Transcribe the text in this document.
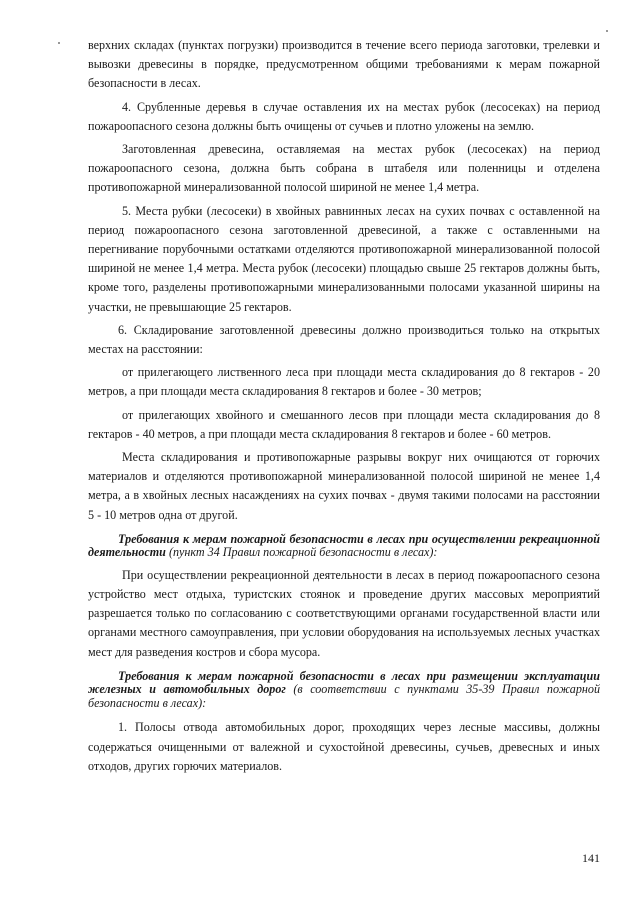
верхних складах (пунктах погрузки) производится в течение всего периода заготовки, трелевки и вывозки древесины в порядке, предусмотренном общими требованиями к мерам пожарной безопасности в лесах.

4. Срубленные деревья в случае оставления их на местах рубок (лесосеках) на период пожароопасного сезона должны быть очищены от сучьев и плотно уложены на землю.

Заготовленная древесина, оставляемая на местах рубок (лесосеках) на период пожароопасного сезона, должна быть собрана в штабеля или поленницы и отделена противопожарной минерализованной полосой шириной не менее 1,4 метра.

5. Места рубки (лесосеки) в хвойных равнинных лесах на сухих почвах с оставленной на период пожароопасного сезона заготовленной древесиной, а также с оставленными на перегнивание порубочными остатками отделяются противопожарной минерализованной полосой шириной не менее 1,4 метра. Места рубок (лесосеки) площадью свыше 25 гектаров должны быть, кроме того, разделены противопожарными минерализованными полосами указанной ширины на участки, не превышающие 25 гектаров.

6. Складирование заготовленной древесины должно производиться только на открытых местах на расстоянии:

от прилегающего лиственного леса при площади места складирования до 8 гектаров - 20 метров, а при площади места складирования 8 гектаров и более - 30 метров;

от прилегающих хвойного и смешанного лесов при площади места складирования до 8 гектаров - 40 метров, а при площади места складирования 8 гектаров и более - 60 метров.

Места складирования и противопожарные разрывы вокруг них очищаются от горючих материалов и отделяются противопожарной минерализованной полосой шириной не менее 1,4 метра, а в хвойных лесных насаждениях на сухих почвах - двумя такими полосами на расстоянии 5 - 10 метров одна от другой.

Требования к мерам пожарной безопасности в лесах при осуществлении рекреационной деятельности (пункт 34 Правил пожарной безопасности в лесах):

При осуществлении рекреационной деятельности в лесах в период пожароопасного сезона устройство мест отдыха, туристских стоянок и проведение других массовых мероприятий разрешается только по согласованию с соответствующими органами государственной власти или органами местного самоуправления, при условии оборудования на используемых лесных участках мест для разведения костров и сбора мусора.

Требования к мерам пожарной безопасности в лесах при размещении эксплуатации железных и автомобильных дорог (в соответствии с пунктами 35-39 Правил пожарной безопасности в лесах):

1. Полосы отвода автомобильных дорог, проходящих через лесные массивы, должны содержаться очищенными от валежной и сухостойной древесины, сучьев, древесных и иных отходов, других горючих материалов.

141
